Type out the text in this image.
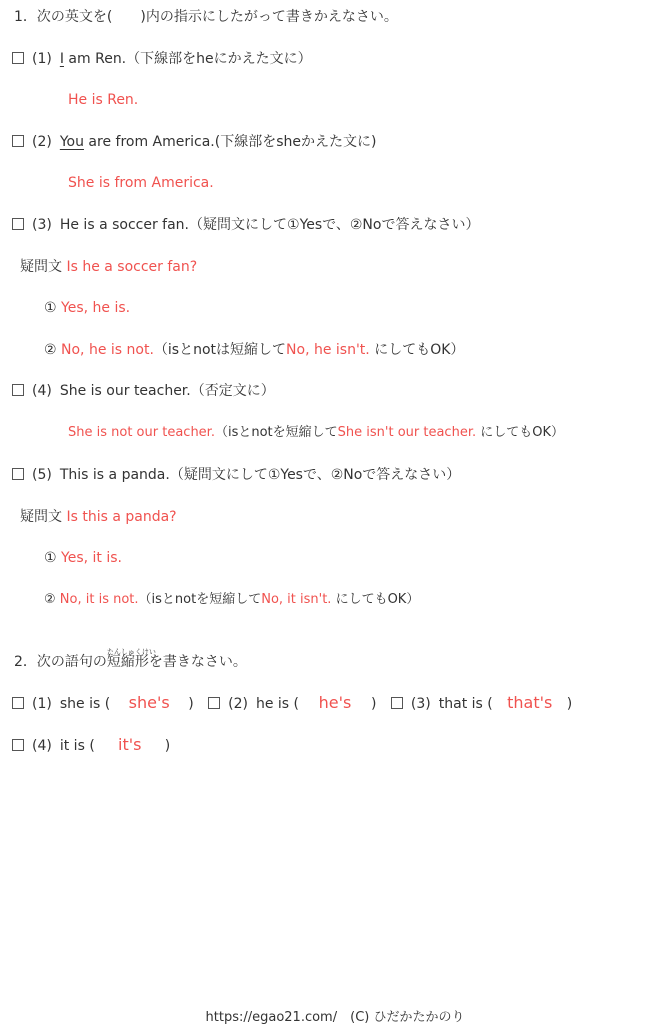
1．次の英文を(　　)内の指示にしたがって書きかえなさい。
(1) I am Ren.（下線部をheにかえた文に）
He is Ren.
(2) You are from America.(下線部をsheかえた文に)
She is from America.
(3) He is a soccer fan.（疑問文にして①Yesで、②Noで答えなさい）
疑問文 Is he a soccer fan?
① Yes, he is.
② No, he is not.（isとnotは短縮してNo, he isn't. にしてもOK）
(4) She is our teacher.（否定文に）
She is not our teacher.（isとnotを短縮してShe isn't our teacher. にしてもOK）
(5) This is a panda.（疑問文にして①Yesで、②Noで答えなさい）
疑問文 Is this a panda?
① Yes, it is.
② No, it is not.（isとnotを短縮してNo, it isn't. にしてもOK）
2．次の語句の
たんしゅくけい
短縮形を書きなさい。
(1) she is ( she's ) (2) he is ( he's ) (3) that is ( that's )
(4) it is ( it's )
https://egao21.com/　 (C) ひだかたかのり
